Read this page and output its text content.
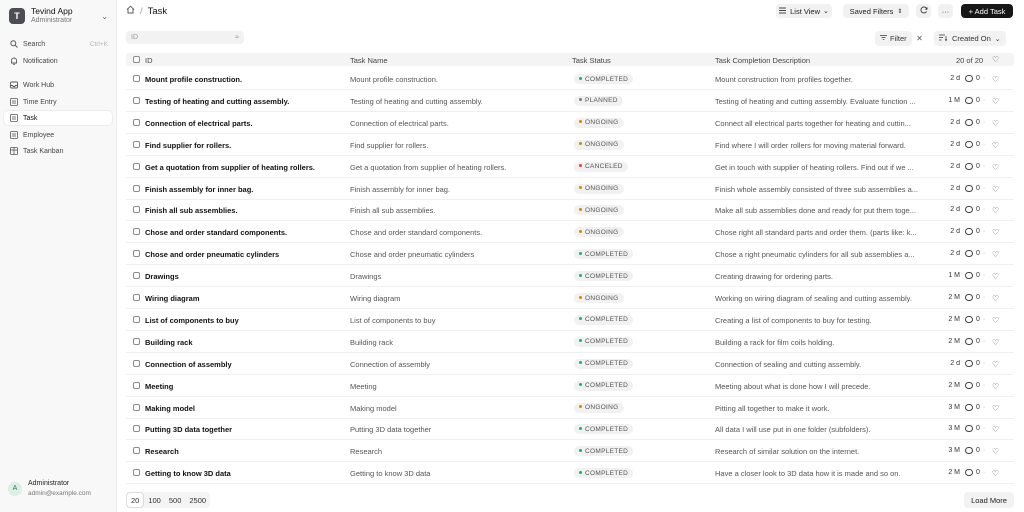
T	Tevind App
Administrator	⌄
Search	Ctrl+K
Notification
Work Hub
Time Entry
Task
Employee
Task Kanban
A
Administrator
admin@example.com
/ Task	List View ⌄	Saved Filters ⇕	···	+ Add Task
ID	≈	Filter ✕	Created On ⌄
ID	Task Name	Task Status	Task Completion Description	20 of 20 ♡
Mount profile construction.	Mount profile construction.	COMPLETED	Mount construction from profiles together.	2 d 0 · ♡
Testing of heating and cutting assembly.	Testing of heating and cutting assembly.	PLANNED	Testing of heating and cutting assembly. Evaluate function ...	1 M 0 · ♡
Connection of electrical parts.	Connection of electrical parts.	ONGOING	Connect all electrical parts together for heating and cuttin...	2 d 0 · ♡
Find supplier for rollers.	Find supplier for rollers.	ONGOING	Find where I will order rollers for moving material forward.	2 d 0 · ♡
Get a quotation from supplier of heating rollers.	Get a quotation from supplier of heating rollers.	CANCELED	Get in touch with supplier of heating rollers. Find out if we ...	2 d 0 · ♡
Finish assembly for inner bag.	Finish assembly for inner bag.	ONGOING	Finish whole assembly consisted of three sub assemblies a...	2 d 0 · ♡
Finish all sub assemblies.	Finish all sub assemblies.	ONGOING	Make all sub assemblies done and ready for put them toge...	2 d 0 · ♡
Chose and order standard components.	Chose and order standard components.	ONGOING	Chose right all standard parts and order them. (parts like: k...	2 d 0 · ♡
Chose and order pneumatic cylinders	Chose and order pneumatic cylinders	COMPLETED	Chose a right pneumatic cylinders for all sub assemblies a...	2 d 0 · ♡
Drawings	Drawings	COMPLETED	Creating drawing for ordering parts.	1 M 0 · ♡
Wiring diagram	Wiring diagram	ONGOING	Working on wiring diagram of sealing and cutting assembly.	2 M 0 · ♡
List of components to buy	List of components to buy	COMPLETED	Creating a list of components to buy for testing.	2 M 0 · ♡
Building rack	Building rack	COMPLETED	Building a rack for film coils holding.	2 M 0 · ♡
Connection of assembly	Connection of assembly	COMPLETED	Connection of sealing and cutting assembly.	2 d 0 · ♡
Meeting	Meeting	COMPLETED	Meeting about what is done how I will precede.	2 M 0 · ♡
Making model	Making model	ONGOING	Pitting all together to make it work.	3 M 0 · ♡
Putting 3D data together	Putting 3D data together	COMPLETED	All data I will use put in one folder (subfolders).	3 M 0 · ♡
Research	Research	COMPLETED	Research of similar solution on the internet.	3 M 0 · ♡
Getting to know 3D data	Getting to know 3D data	COMPLETED	Have a closer look to 3D data how it is made and so on.	2 M 0 · ♡
20	100	500	2500	Load More
